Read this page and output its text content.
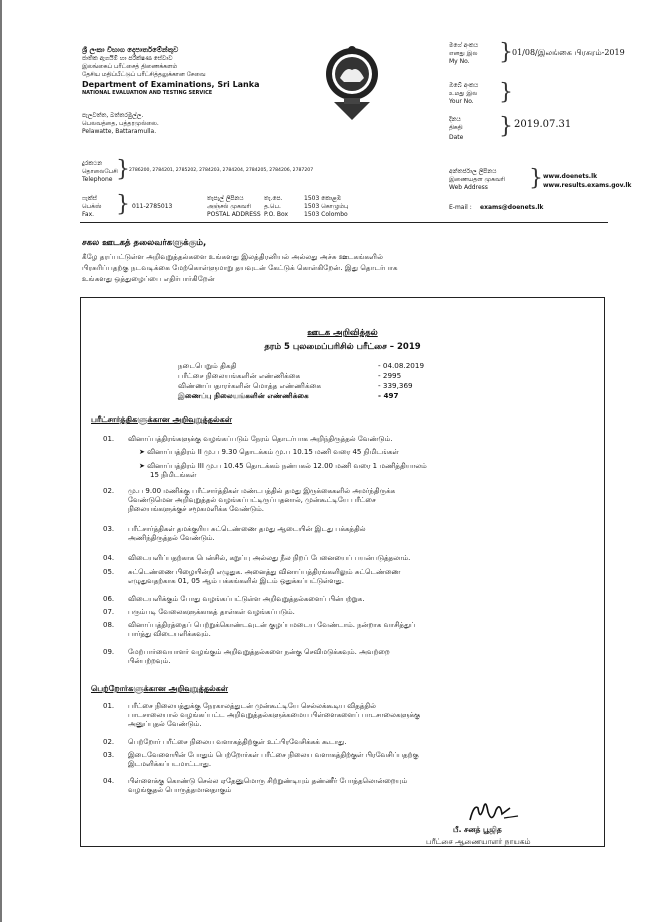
ශ්‍රී ලංකා විභාග දෙපාර්තමේන්තුව
ජාතික ඇගයීම් හා පරීක්ෂණ සේවාව
இலங்கைப் பரீட்சைத் திணைக்களம்
தேசிய மதிப்பீட்டுப் பரீட்சித்தலுக்கான சேவை
Department of Examinations, Sri Lanka
NATIONAL EVALUATION AND TESTING SERVICE
පැලවත්ත, බත්තරමුල්ල.
பெலவத்தை, பத்தரமுல்லை.
Pelawatte, Battaramulla.
දුරකථන
தொலைபேசி
Telephone } 2786200, 2784201, 2785202, 2784203, 2784204, 2784205, 2784206, 2787207
ෆැක්ස්
பெக்ஸ்
Fax. } 011-2785013
තැපැල් ලිපිනය
அஞ்சல் முகவரி
POSTAL ADDRESS
තැ.පෙ.
த.பெ.
P.O. Box
1503 කොළඹ
1503 கொழும்பு
1503 Colombo
මගේ අංකය
எனது இல
My No. } 01/08/இலங்கை பிரசுரம்-2019
ඔබේ අංකය
உமது இல
Your No. }
දිනය
திகதி
Date } 2019.07.31
අන්තර්ජාල ලිපිනය
இணையதள முகவரி
Web Address } www.doenets.lk
www.results.exams.gov.lk
E-mail : exams@doenets.lk
சகல ஊடகத் தலைவர்களுக்கும்,
கீழே தரப்பட்டுள்ள அறிவுறுத்தல்களை உங்களது இலத்திரனியல் அல்லது அச்சு ஊடகங்களில்
பிரசுரிப்பதற்கு நடவடிக்கை மேற்கொள்ளுமாறு தயவுடன் கேட்டுக் கொள்கிறேன். இது தொடர்பாக
உங்களது ஒத்துழைப்பை எதிர்பார்கிறேன்
ஊடக அறிவித்தல்
தரம் 5 புலமைப்பரிசில் பரீட்சை – 2019
நடைபெறும் திகதி	- 04.08.2019
பரீட்சை நிலையங்களின் எண்ணிக்கை	- 2995
விண்ணப்பதாரர்களின் மொத்த எண்ணிக்கை	- 339,369
இணைப்பு நிலையங்களின் எண்ணிக்கை	- 497
பரீட்சார்த்திகளுக்கான அறிவுறுத்தல்கள்
01. வினாப்பத்திரங்களுக்கு வழங்கப்படும் நேரம் தொடர்பாக அறிந்திருத்தல் வேண்டும்.
➤ வினாப்பத்திரம் II மு.ப 9.30 தொடக்கம் மு.ப 10.15 மணி வரை 45 நிமிடங்கள்
➤ வினாப்பத்திரம் III மு.ப 10.45 தொடக்கம் நண்பகல் 12.00 மணி வரை 1 மணித்தியாலம்
15 நிமிடங்கள்
02. மு.ப 9.00 மணிக்கு பரீட்சார்த்திகள் மண்டபத்தில் தமது இருக்கைகளில் அமர்ந்திருக்க
வேண்டுமென அறிவுறுத்தல் வழங்கப்பட்டிருப்பதனால், முன்கூட்டியே பரீட்சை
நிலையங்களுக்குச் சமூகமளிக்க வேண்டும்.
03. பரீட்சார்த்திகள் தமக்குரிய சுட்டெண்ணை தமது ஆடையின் இடது பக்கத்தில்
அணிந்திருத்தல் வேண்டும்.
04. விடையளிப்பதற்காக பென்சில், கறுப்பு அல்லது நீல நிறப் பேனையைப் பயன்படுத்தலாம்.
05. சுட்டெண்ணை பிழையின்றி எழுதுக. அனைத்து வினாப்பத்திரங்களிலும் சுட்டெண்ணை
எழுதுவதற்காக 01, 05 ஆம் பக்கங்களில் இடம் ஒதுக்கப்பட்டுள்ளது.
06. விடையளிக்கும் போது வழங்கப்பட்டுள்ள அறிவுறுத்தல்களைப் பின்பற்றுக.
07. பரும்படி வேலைகளுக்காகத் தாள்கள் வழங்கப்படும்.
08. வினாப்பத்திரத்தைப் பெற்றுக்கொண்டவுடன் குழப்பமடைய வேண்டாம். நன்றாக வாசித்துப்
பார்த்து விடையளிக்கவும்.
09. மேற்பார்வையாளர் வழங்கும் அறிவுறுத்தல்களை நன்கு செவிமடுக்கவும். அவற்றை
பின்பற்றவும்.
பெற்றோர்களுக்கான அறிவுறுத்தல்கள்
01. பரீட்சை நிலையத்துக்கு நேரகாலத்துடன் முன்கூட்டியே செல்லக்கூடிய விதத்தில்
பாடசாலையால் வழங்கப்பட்ட அறிவுறுத்தல்களுக்கமைய பிள்ளைகளைப் பாடசாலைகளுக்கு
அனுப்புதல் வேண்டும்.
02. பெற்றோர் பரீட்சை நிலைய வளாகத்திற்குள் உட்பிரவேசிக்கக் கூடாது.
03. இடைவேளையின் போதும் பெற்றோர்கள் பரீட்சை நிலைய வளாகத்திற்குள் பிரவேசிப்பதற்கு
இடமளிக்கப்படமாட்டாது.
04. பிள்ளைக்கு கொண்டு செல்ல ஏதேனுமொரு சிற்றுண்டியும் தண்ணீர் போத்தலொன்றையும்
வழங்குதல் பொருத்தமானதாகும்
பீ. சனத் பூஜித
பரீட்சை ஆணையாளர் நாயகம்
